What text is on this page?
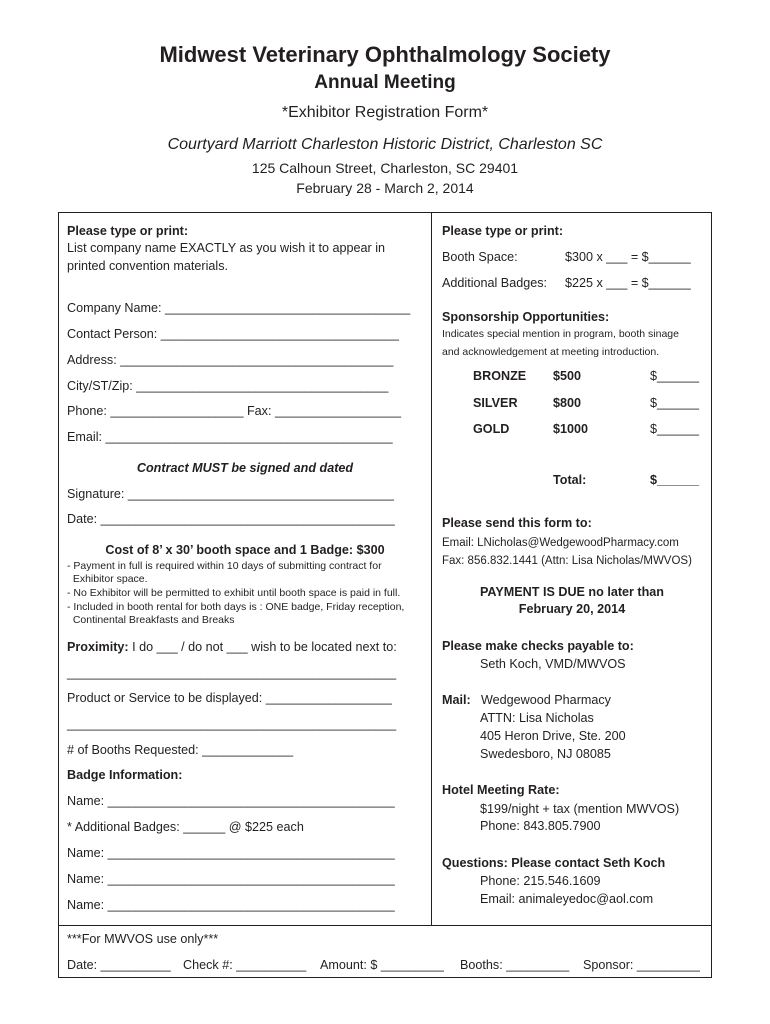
Midwest Veterinary Ophthalmology Society
Annual Meeting
*Exhibitor Registration Form*
Courtyard Marriott Charleston Historic District, Charleston SC
125 Calhoun Street, Charleston, SC 29401
February 28 - March 2, 2014
Please type or print:
List company name EXACTLY as you wish it to appear in
printed convention materials.
Company Name: ___________________________________
Contact Person: __________________________________
Address: _______________________________________
City/ST/Zip: ____________________________________
Phone: ___________________ Fax: __________________
Email: _________________________________________
Contract MUST be signed and dated
Signature: ______________________________________
Date: __________________________________________
Cost of 8’ x 30’ booth space and 1 Badge: $300
- Payment in full is required within 10 days of submitting contract for
Exhibitor space.
- No Exhibitor will be permitted to exhibit until booth space is paid in full.
- Included in booth rental for both days is : ONE badge, Friday reception,
Continental Breakfasts and Breaks
Proximity: I do ___ / do not ___ wish to be located next to:
_______________________________________________
Product or Service to be displayed: __________________
_______________________________________________
# of Booths Requested: _____________
Badge Information:
Name: _________________________________________
* Additional Badges: ______ @ $225 each
Name: _________________________________________
Name: _________________________________________
Name: _________________________________________
Please type or print:
Booth Space:	$300 x ___ = $______
Additional Badges: $225 x ___ = $______
Sponsorship Opportunities:
Indicates special mention in program, booth sinage
and acknowledgement at meeting introduction.
BRONZE $500	$______
SILVER	$800	$______
GOLD	$1000	$______
Total:	$______
Please send this form to:
Email: LNicholas@WedgewoodPharmacy.com
Fax: 856.832.1441 (Attn: Lisa Nicholas/MWVOS)
PAYMENT IS DUE no later than
February 20, 2014
Please make checks payable to:
Seth Koch, VMD/MWVOS
Mail: Wedgewood Pharmacy
ATTN: Lisa Nicholas
405 Heron Drive, Ste. 200
Swedesboro, NJ 08085
Hotel Meeting Rate:
$199/night + tax (mention MWVOS)
Phone: 843.805.7900
Questions: Please contact Seth Koch
Phone: 215.546.1609
Email: animaleyedoc@aol.com
***For MWVOS use only***
Date: __________ Check #: __________ Amount: $ _________ Booths: _________ Sponsor: _________
